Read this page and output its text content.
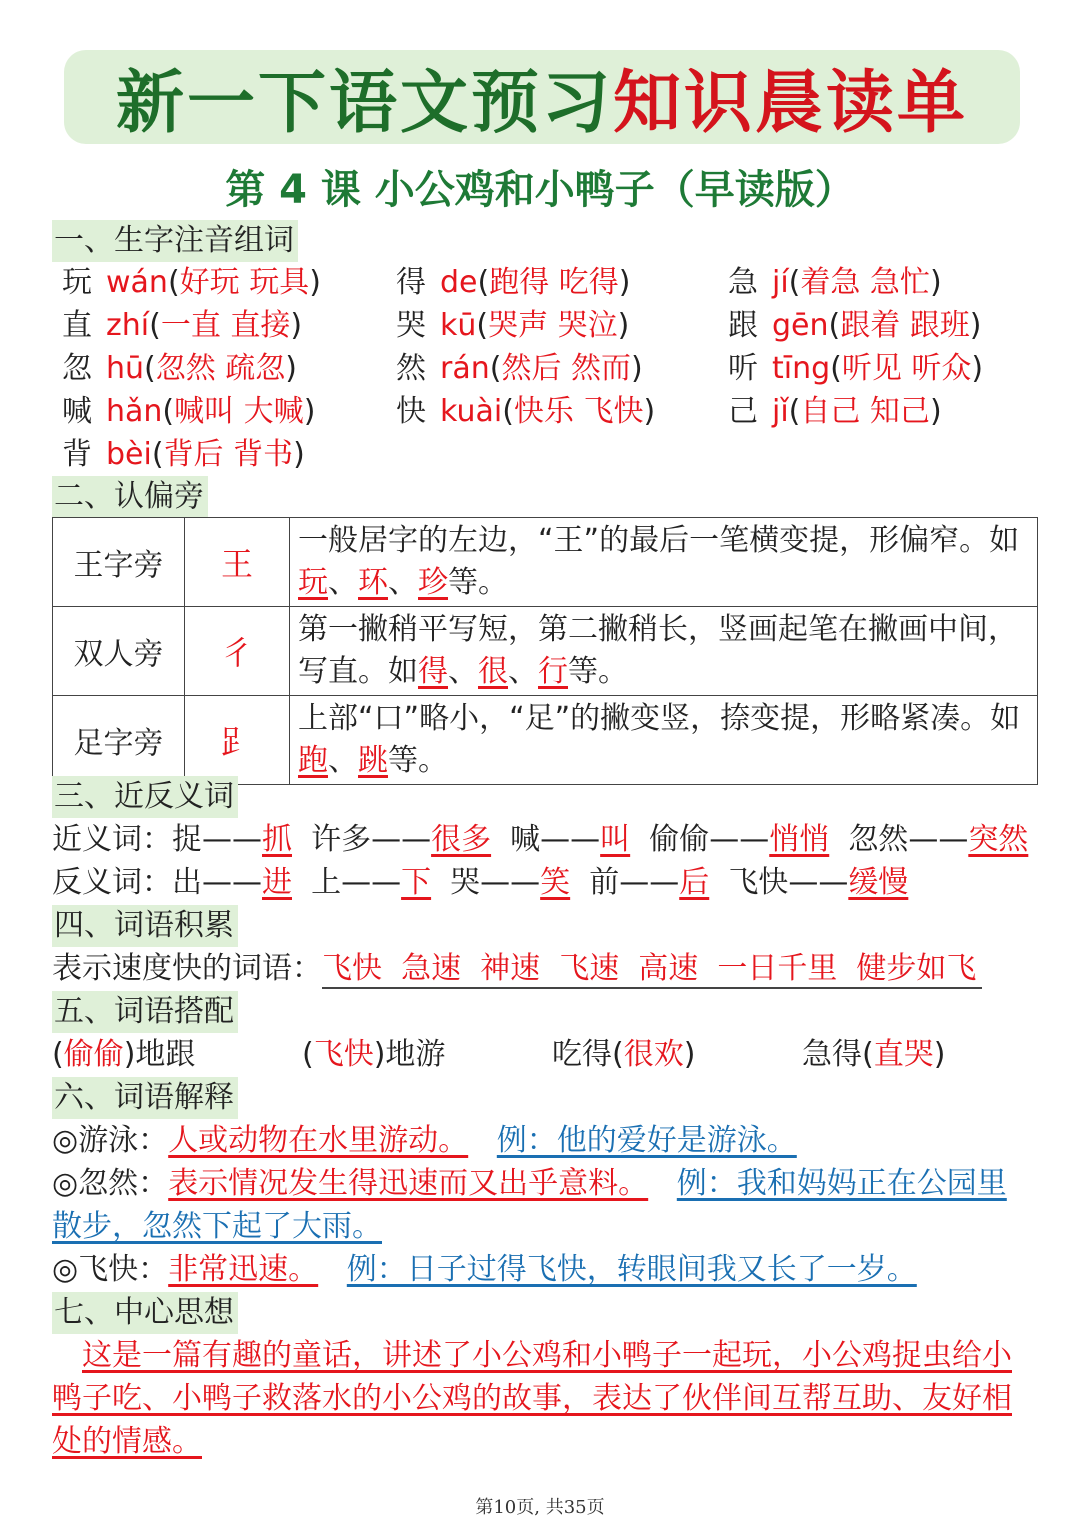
新一下语文预习 知识晨读单
第 4 课 小公鸡和小鸭子（早读版）
一、生字注音组词
玩 wán(好玩 玩具)	得 de(跑得 吃得)	急 jí(着急 急忙)
直 zhí(一直 直接)	哭 kū(哭声 哭泣)	跟 gēn(跟着 跟班)
忽 hū(忽然 疏忽)	然 rán(然后 然而)	听 tīng(听见 听众)
喊 hǎn(喊叫 大喊)	快 kuài(快乐 飞快) 己 jǐ(自己 知己)
背 bèi(背后 背书)
二、认偏旁
王字旁	王	一般居字的左边，“王”的最后一笔横变提，形偏窄。如
玩、环、珍等。
双人旁	彳	第一撇稍平写短，第二撇稍长，竖画起笔在撇画中间，
写直。如得、很、行等。
足字旁	𧾷	上部“口”略小，“足”的撇变竖，捺变提，形略紧凑。如
跑、跳等。
三、近反义词
近义词：捉——抓 许多——很多 喊——叫 偷偷——悄悄 忽然——突然
反义词：出——进 上——下 哭——笑 前——后 飞快——缓慢
四、词语积累
表示速度快的词语：飞快  急速  神速  飞速  高速  一日千里  健步如飞
五、词语搭配
(偷偷)地跟	(飞快)地游	吃得(很欢)	急得(直哭)
六、词语解释
◎游泳：人或动物在水里游动。 例：他的爱好是游泳。
◎忽然：表示情况发生得迅速而又出乎意料。 例：我和妈妈正在公园里
散步，忽然下起了大雨。
◎飞快：非常迅速。 例：日子过得飞快，转眼间我又长了一岁。
七、中心思想
这是一篇有趣的童话，讲述了小公鸡和小鸭子一起玩，小公鸡捉虫给小鸭子吃、小鸭子救落水的小公鸡的故事，表达了伙伴间互帮互助、友好相处的情感。
第10页, 共35页
